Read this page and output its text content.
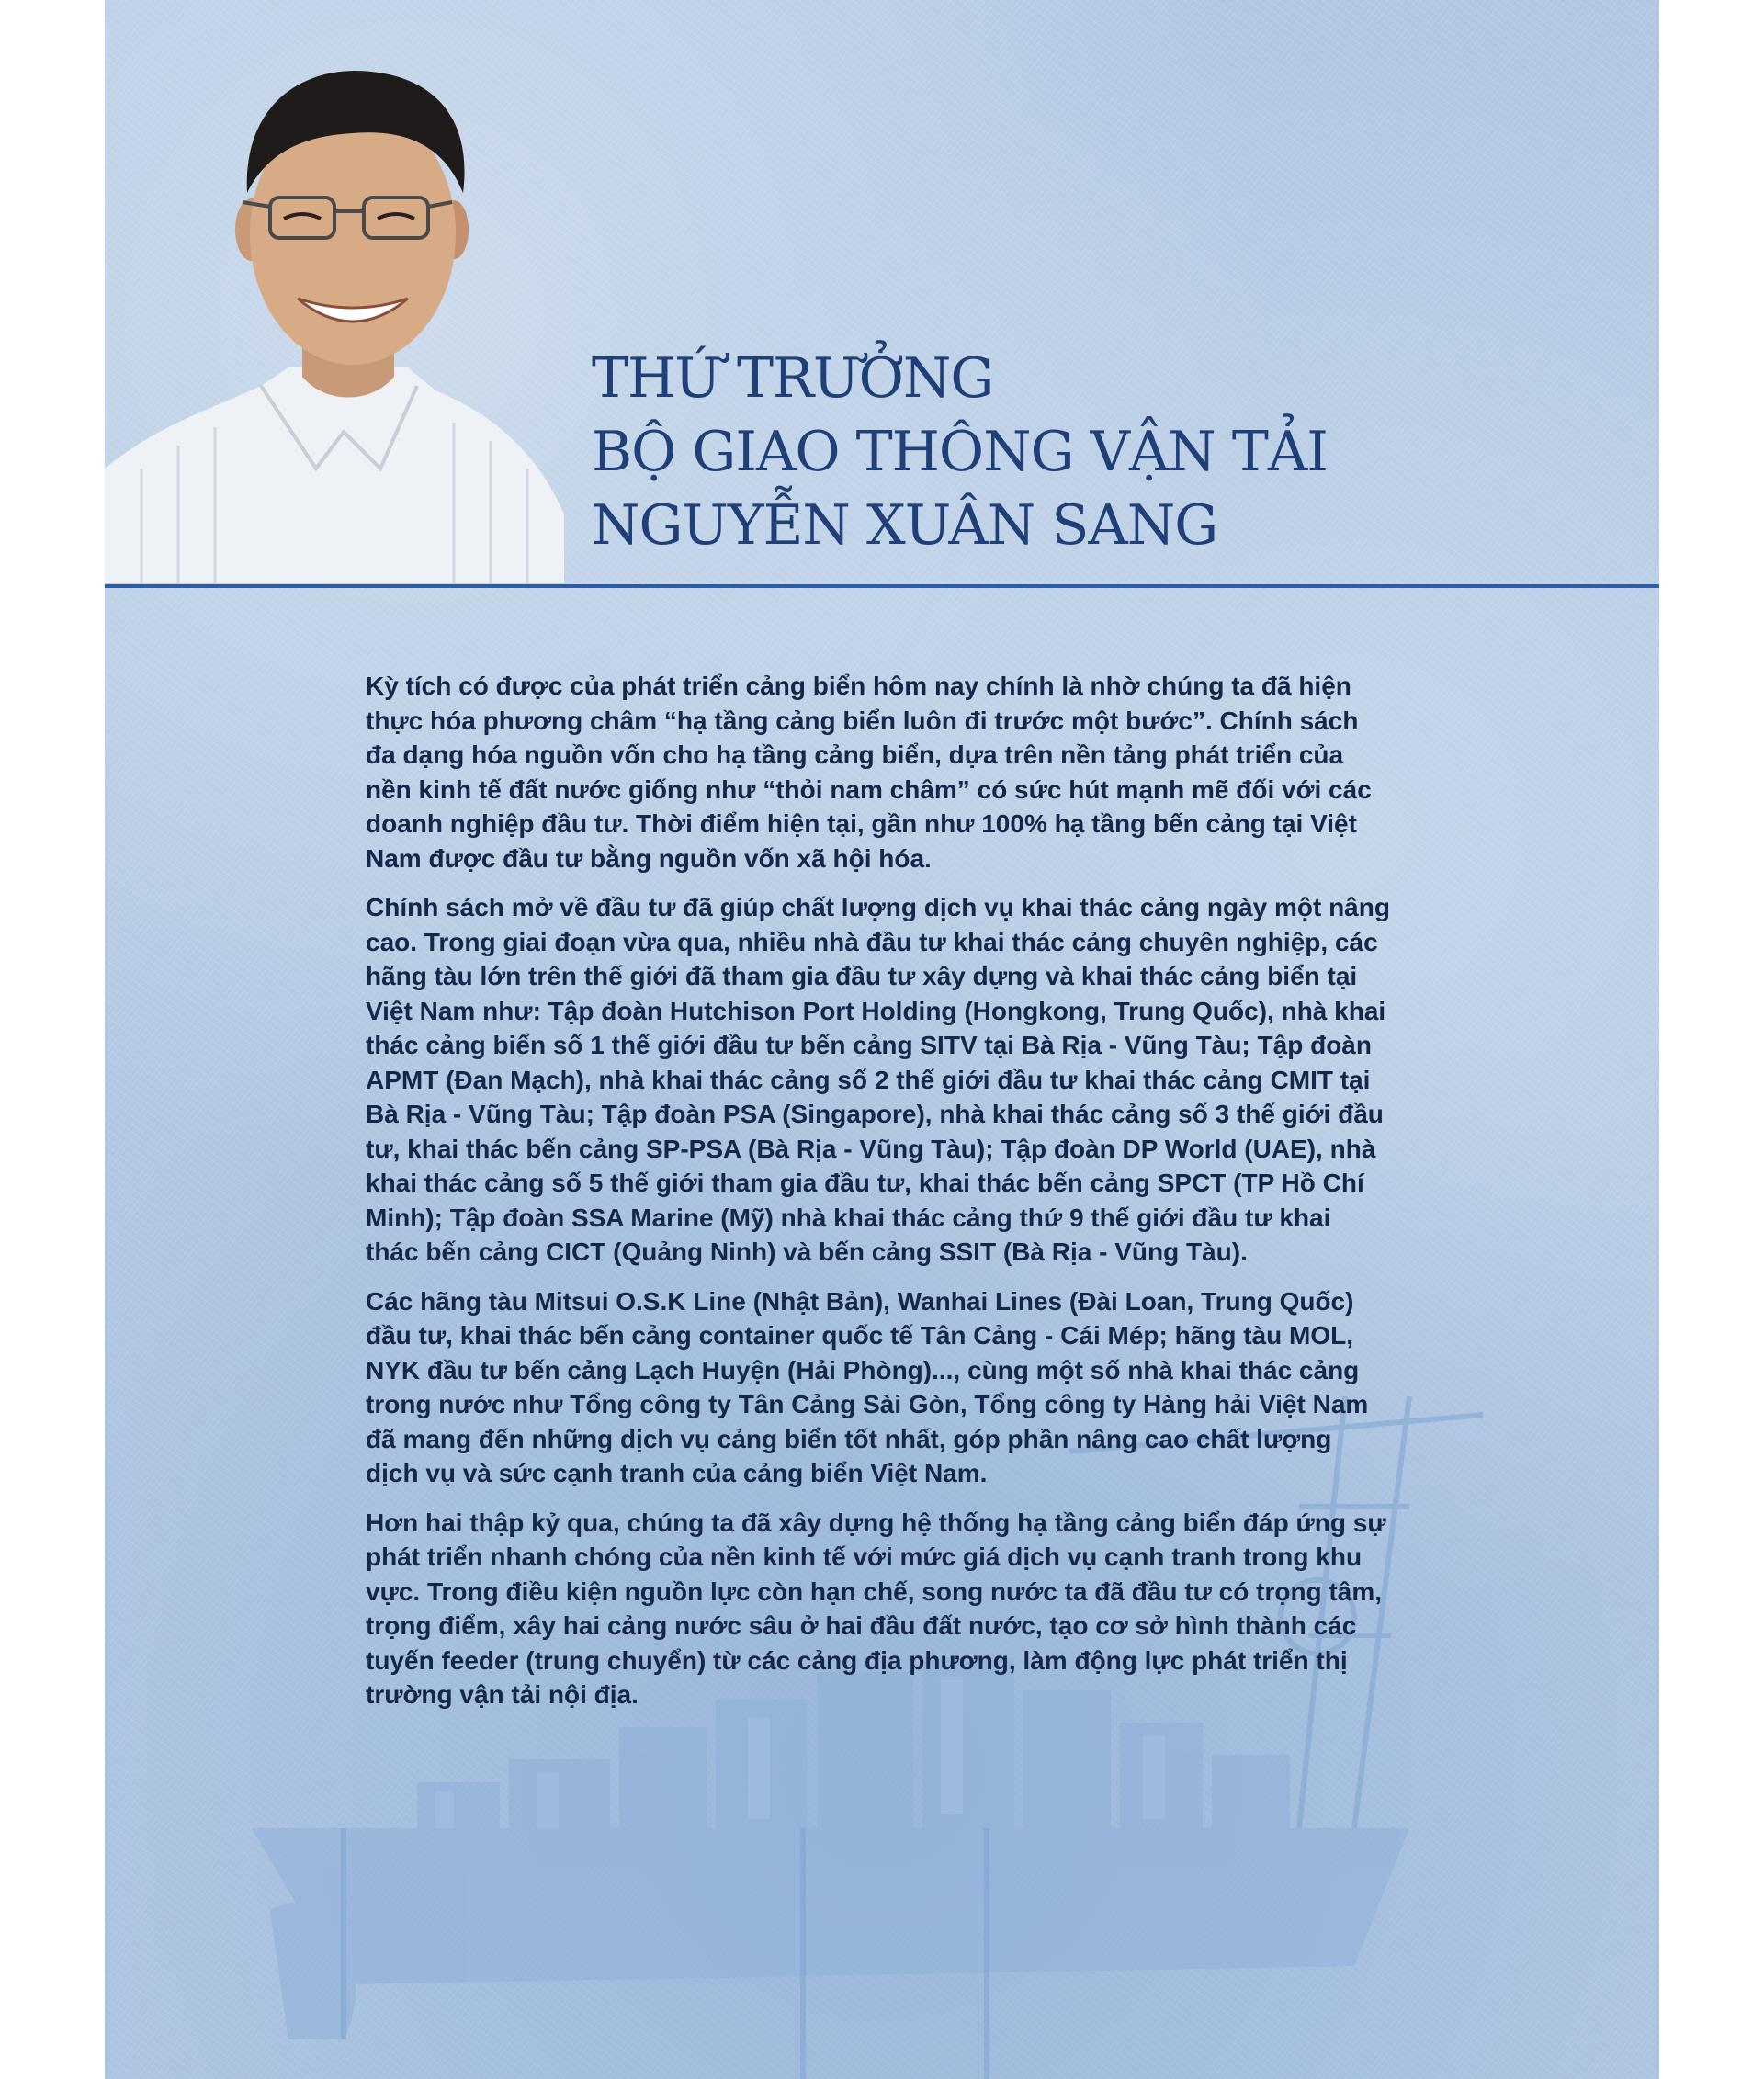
THỨ TRƯỞNG
BỘ GIAO THÔNG VẬN TẢI
NGUYỄN XUÂN SANG

Kỳ tích có được của phát triển cảng biển hôm nay chính là nhờ chúng ta đã hiện thực hóa phương châm “hạ tầng cảng biển luôn đi trước một bước”. Chính sách đa dạng hóa nguồn vốn cho hạ tầng cảng biển, dựa trên nền tảng phát triển của nền kinh tế đất nước giống như “thỏi nam châm” có sức hút mạnh mẽ đối với các doanh nghiệp đầu tư. Thời điểm hiện tại, gần như 100% hạ tầng bến cảng tại Việt Nam được đầu tư bằng nguồn vốn xã hội hóa.

Chính sách mở về đầu tư đã giúp chất lượng dịch vụ khai thác cảng ngày một nâng cao. Trong giai đoạn vừa qua, nhiều nhà đầu tư khai thác cảng chuyên nghiệp, các hãng tàu lớn trên thế giới đã tham gia đầu tư xây dựng và khai thác cảng biển tại Việt Nam như: Tập đoàn Hutchison Port Holding (Hongkong, Trung Quốc), nhà khai thác cảng biển số 1 thế giới đầu tư bến cảng SITV tại Bà Rịa - Vũng Tàu; Tập đoàn APMT (Đan Mạch), nhà khai thác cảng số 2 thế giới đầu tư khai thác cảng CMIT tại Bà Rịa - Vũng Tàu; Tập đoàn PSA (Singapore), nhà khai thác cảng số 3 thế giới đầu tư, khai thác bến cảng SP-PSA (Bà Rịa - Vũng Tàu); Tập đoàn DP World (UAE), nhà khai thác cảng số 5 thế giới tham gia đầu tư, khai thác bến cảng SPCT (TP Hồ Chí Minh); Tập đoàn SSA Marine (Mỹ) nhà khai thác cảng thứ 9 thế giới đầu tư khai thác bến cảng CICT (Quảng Ninh) và bến cảng SSIT (Bà Rịa - Vũng Tàu).

Các hãng tàu Mitsui O.S.K Line (Nhật Bản), Wanhai Lines (Đài Loan, Trung Quốc) đầu tư, khai thác bến cảng container quốc tế Tân Cảng - Cái Mép; hãng tàu MOL, NYK đầu tư bến cảng Lạch Huyện (Hải Phòng)..., cùng một số nhà khai thác cảng trong nước như Tổng công ty Tân Cảng Sài Gòn, Tổng công ty Hàng hải Việt Nam đã mang đến những dịch vụ cảng biển tốt nhất, góp phần nâng cao chất lượng dịch vụ và sức cạnh tranh của cảng biển Việt Nam.

Hơn hai thập kỷ qua, chúng ta đã xây dựng hệ thống hạ tầng cảng biển đáp ứng sự phát triển nhanh chóng của nền kinh tế với mức giá dịch vụ cạnh tranh trong khu vực. Trong điều kiện nguồn lực còn hạn chế, song nước ta đã đầu tư có trọng tâm, trọng điểm, xây hai cảng nước sâu ở hai đầu đất nước, tạo cơ sở hình thành các tuyến feeder (trung chuyển) từ các cảng địa phương, làm động lực phát triển thị trường vận tải nội địa.
